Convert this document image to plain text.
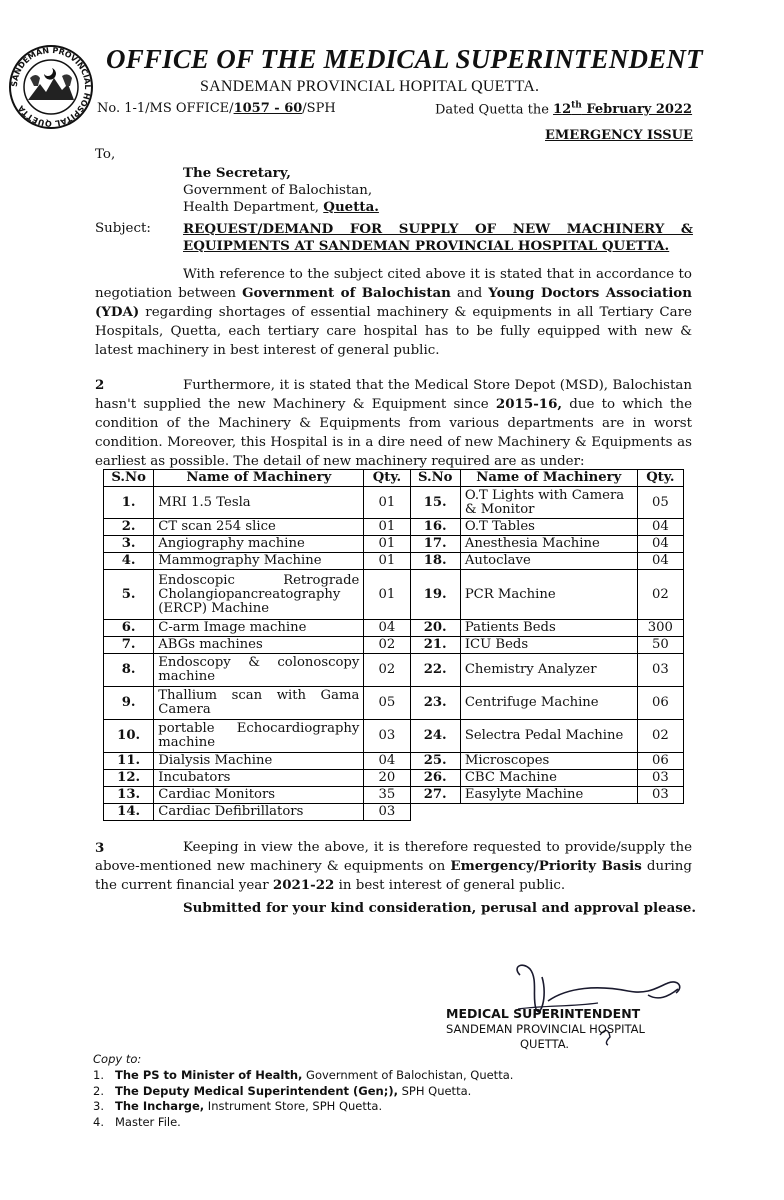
SANDEMAN PROVINCIAL HOSPITAL QUETTA
OFFICE OF THE MEDICAL SUPERINTENDENT
SANDEMAN PROVINCIAL HOPITAL QUETTA.
No. 1-1/MS OFFICE/1057 - 60/SPH	Dated Quetta the 12th February 2022
EMERGENCY ISSUE
To,
The Secretary,
Government of Balochistan,
Health Department, Quetta.
Subject: REQUEST/DEMAND FOR SUPPLY OF NEW MACHINERY & EQUIPMENTS AT SANDEMAN PROVINCIAL HOSPITAL QUETTA.
With reference to the subject cited above it is stated that in accordance to negotiation between Government of Balochistan and Young Doctors Association (YDA) regarding shortages of essential machinery & equipments in all Tertiary Care Hospitals, Quetta, each tertiary care hospital has to be fully equipped with new & latest machinery in best interest of general public.
2	Furthermore, it is stated that the Medical Store Depot (MSD), Balochistan hasn't supplied the new Machinery & Equipment since 2015-16, due to which the condition of the Machinery & Equipments from various departments are in worst condition. Moreover, this Hospital is in a dire need of new Machinery & Equipments as earliest as possible. The detail of new machinery required are as under:
S.No	Name of Machinery	Qty.	S.No	Name of Machinery	Qty.
1.	MRI 1.5 Tesla	01	15.	O.T Lights with Camera & Monitor	05
2.	CT scan 254 slice	01	16.	O.T Tables	04
3.	Angiography machine	01	17.	Anesthesia Machine	04
4.	Mammography Machine	01	18.	Autoclave	04
5.	Endoscopic Retrograde Cholangiopancreatography (ERCP) Machine	01	19.	PCR Machine	02
6.	C-arm Image machine	04	20.	Patients Beds	300
7.	ABGs machines	02	21.	ICU Beds	50
8.	Endoscopy & colonoscopy machine	02	22.	Chemistry Analyzer	03
9.	Thallium scan with Gama Camera	05	23.	Centrifuge Machine	06
10.	portable Echocardiography machine	03	24.	Selectra Pedal Machine	02
11.	Dialysis Machine	04	25.	Microscopes	06
12.	Incubators	20	26.	CBC Machine	03
13.	Cardiac Monitors	35	27.	Easylyte Machine	03
14.	Cardiac Defibrillators	03			
3	Keeping in view the above, it is therefore requested to provide/supply the above-mentioned new machinery & equipments on Emergency/Priority Basis during the current financial year 2021-22 in best interest of general public.
Submitted for your kind consideration, perusal and approval please.
MEDICAL SUPERINTENDENT
SANDEMAN PROVINCIAL HOSPITAL
QUETTA.
Copy to:
1. The PS to Minister of Health, Government of Balochistan, Quetta.
2. The Deputy Medical Superintendent (Gen;), SPH Quetta.
3. The Incharge, Instrument Store, SPH Quetta.
4. Master File.
